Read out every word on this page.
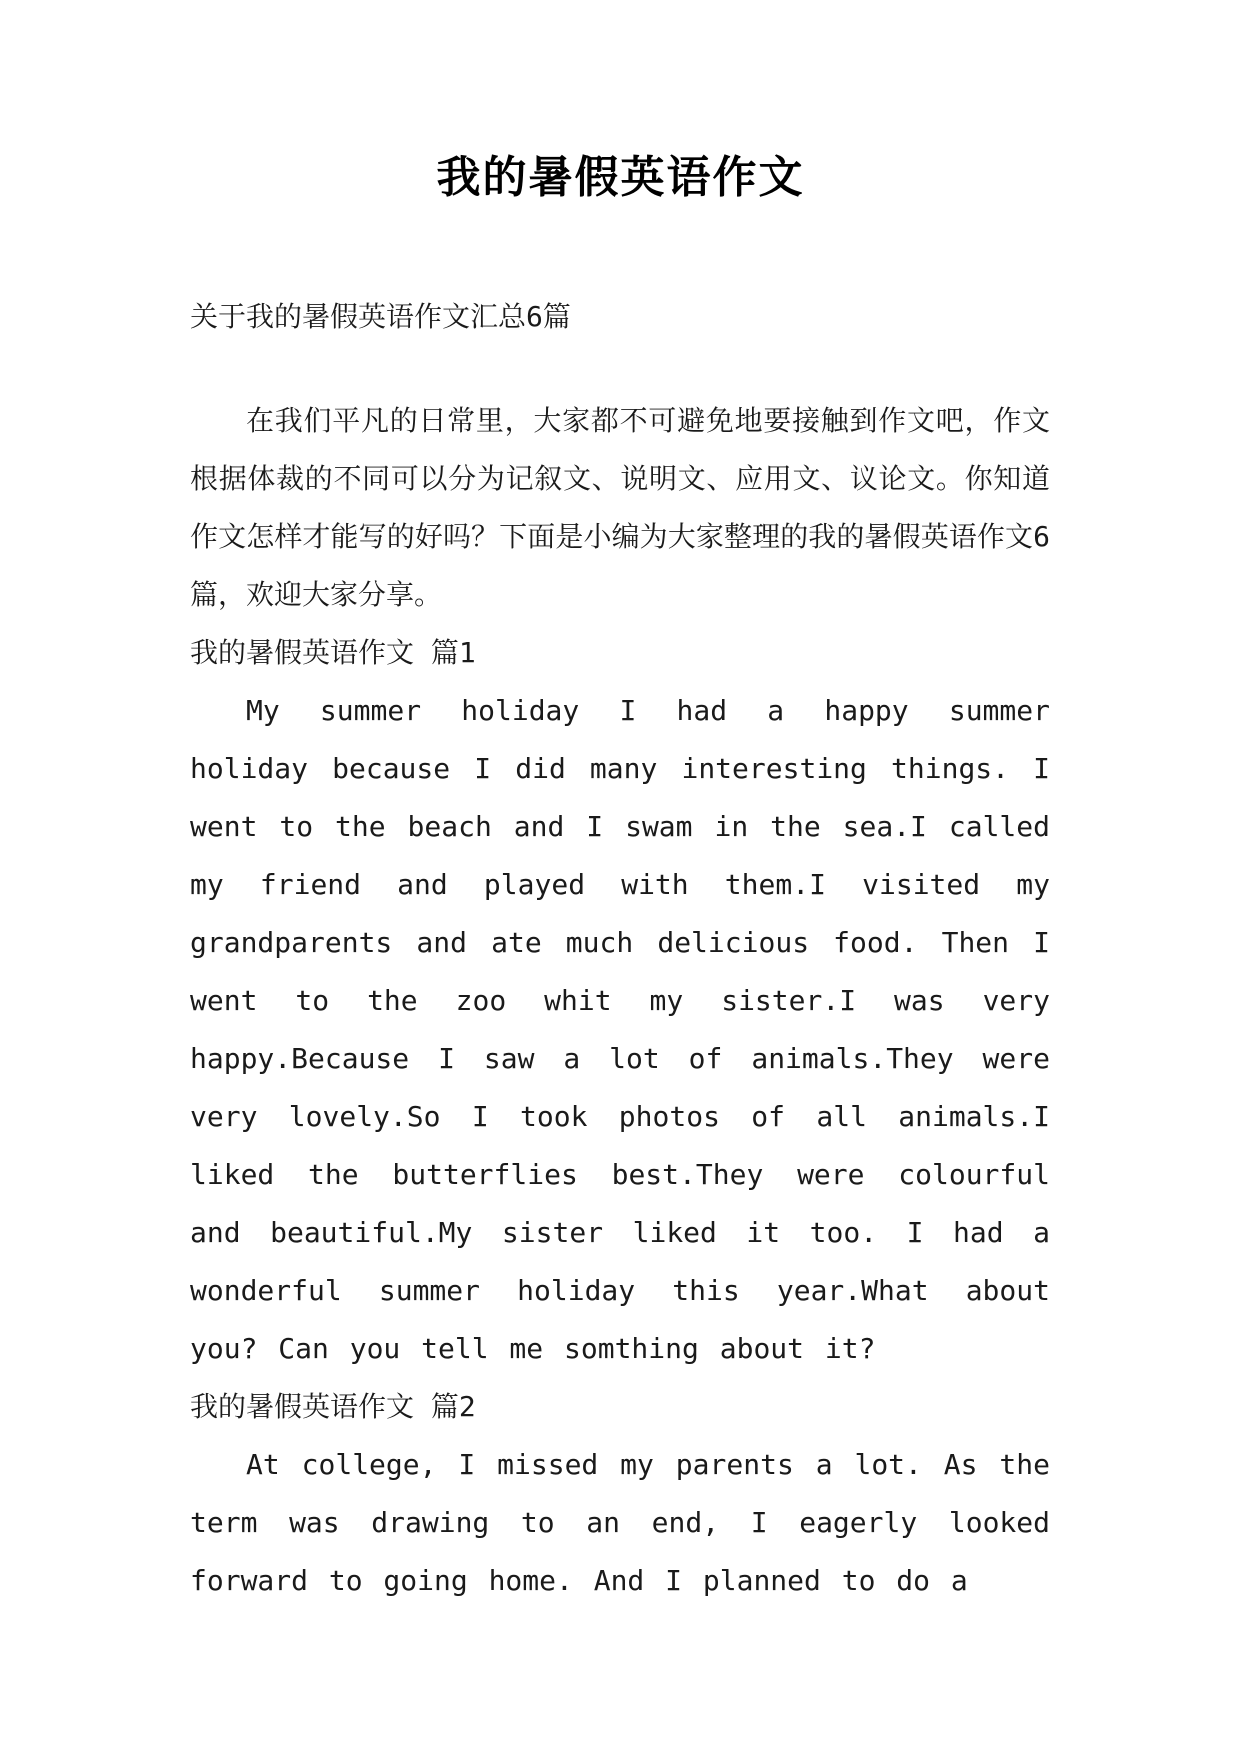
我的暑假英语作文

关于我的暑假英语作文汇总6篇

在我们平凡的日常里，大家都不可避免地要接触到作文吧，作文根据体裁的不同可以分为记叙文、说明文、应用文、议论文。你知道作文怎样才能写的好吗？下面是小编为大家整理的我的暑假英语作文6篇，欢迎大家分享。

我的暑假英语作文 篇1

My summer holiday I had a happy summer holiday because I did many interesting things. I went to the beach and I swam in the sea.I called my friend and played with them.I visited my grandparents and ate much delicious food. Then I went to the zoo whit my sister.I was very happy.Because I saw a lot of animals.They were very lovely.So I took photos of all animals.I liked the butterflies best.They were colourful and beautiful.My sister liked it too. I had a wonderful summer holiday this year.What about you? Can you tell me somthing about it?

我的暑假英语作文 篇2

At college, I missed my parents a lot. As the term was drawing to an end, I eagerly looked forward to going home. And I planned to do a
